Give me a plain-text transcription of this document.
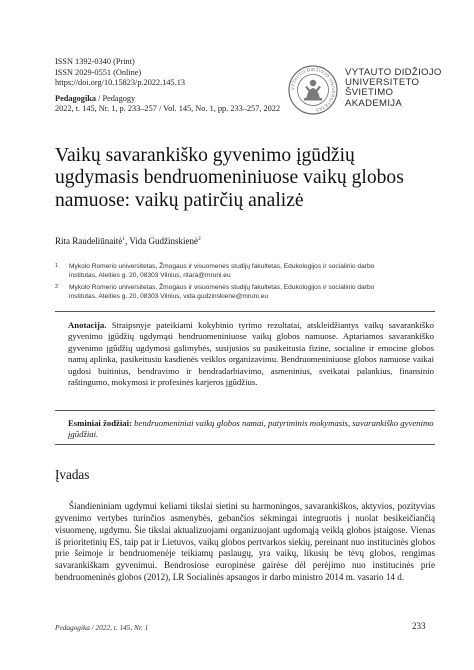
ISSN 1392-0340 (Print)
ISSN 2029-0551 (Online)
https://doi.org/10.15823/p.2022.145.13
Pedagogika / Pedagogy
2022, t. 145, Nr. 1, p. 233–257 / Vol. 145, No. 1, pp. 233–257, 2022
VYTAUTO DIDŽIOJO UNIVERSITETAS
VYTAUTO DIDŽIOJO
UNIVERSITETO
ŠVIETIMO
AKADEMIJA
Vaikų savarankiško gyvenimo įgūdžių
ugdymasis bendruomeniniuose vaikų globos
namuose: vaikų patirčių analizė
Rita Raudeliūnaitė$^1$, Vida Gudžinskienė$^2$
1	Mykolo Romerio universitetas, Žmogaus ir visuomenės studijų fakultetas, Edukologijos ir socialinio darbo
institutas, Ateities g. 20, 08303 Vilnius, ritara@mruni.eu
2	Mykolo Romerio universitetas, Žmogaus ir visuomenės studijų fakultetas, Edukologijos ir socialinio darbo
institutas, Ateities g. 20, 08303 Vilnius, vida.gudzinskiene@mruni.eu

Anotacija. Straipsnyje pateikiami kokybinio tyrimo rezultatai, atskleidžiantys vaikų savarankiško gyvenimo įgūdžių ugdymąsi bendruomeniniuose vaikų globos namuose. Aptariamos savarankiško gyvenimo įgūdžių ugdymosi galimybės, susijusios su pasikeitusia fizine, socialine ir emocine globos namų aplinka, pasikeitusiu kasdienės veiklos organizavimu. Bendruomeniniuose globos namuose vaikai ugdosi buitinius, bendravimo ir bendradarbiavimo, asmeninius, sveikatai palankius, finansinio raštingumo, mokymosi ir profesinės karjeros įgūdžius.

Esminiai žodžiai: bendruomeniniai vaikų globos namai, patyriminis mokymasis, savarankiško gyvenimo įgūdžiai.

Įvadas

Šiandieniniam ugdymui keliami tikslai sietini su harmoningos, savarankiškos, aktyvios, pozityvias gyvenimo vertybes turinčios asmenybės, gebančios sėkmingai integruotis į nuolat besikeičiančią visuomenę, ugdymu. Šie tikslai aktualizuojami organizuojant ugdomąją veiklą globos įstaigose. Vienas iš prioritetinių ES, taip pat ir Lietuvos, vaikų globos pertvarkos siekių, pereinant nuo institucinės globos prie šeimoje ir bendruomenėje teikiamų paslaugų, yra vaikų, likusių be tėvų globos, rengimas savarankiškam gyvenimui. Bendrosiose europinėse gairėse dėl perėjimo nuo institucinės prie bendruomeninės globos (2012), LR Socialinės apsaugos ir darbo ministro 2014 m. vasario 14 d.

Pedagogika / 2022, t. 145, Nr. 1	233
